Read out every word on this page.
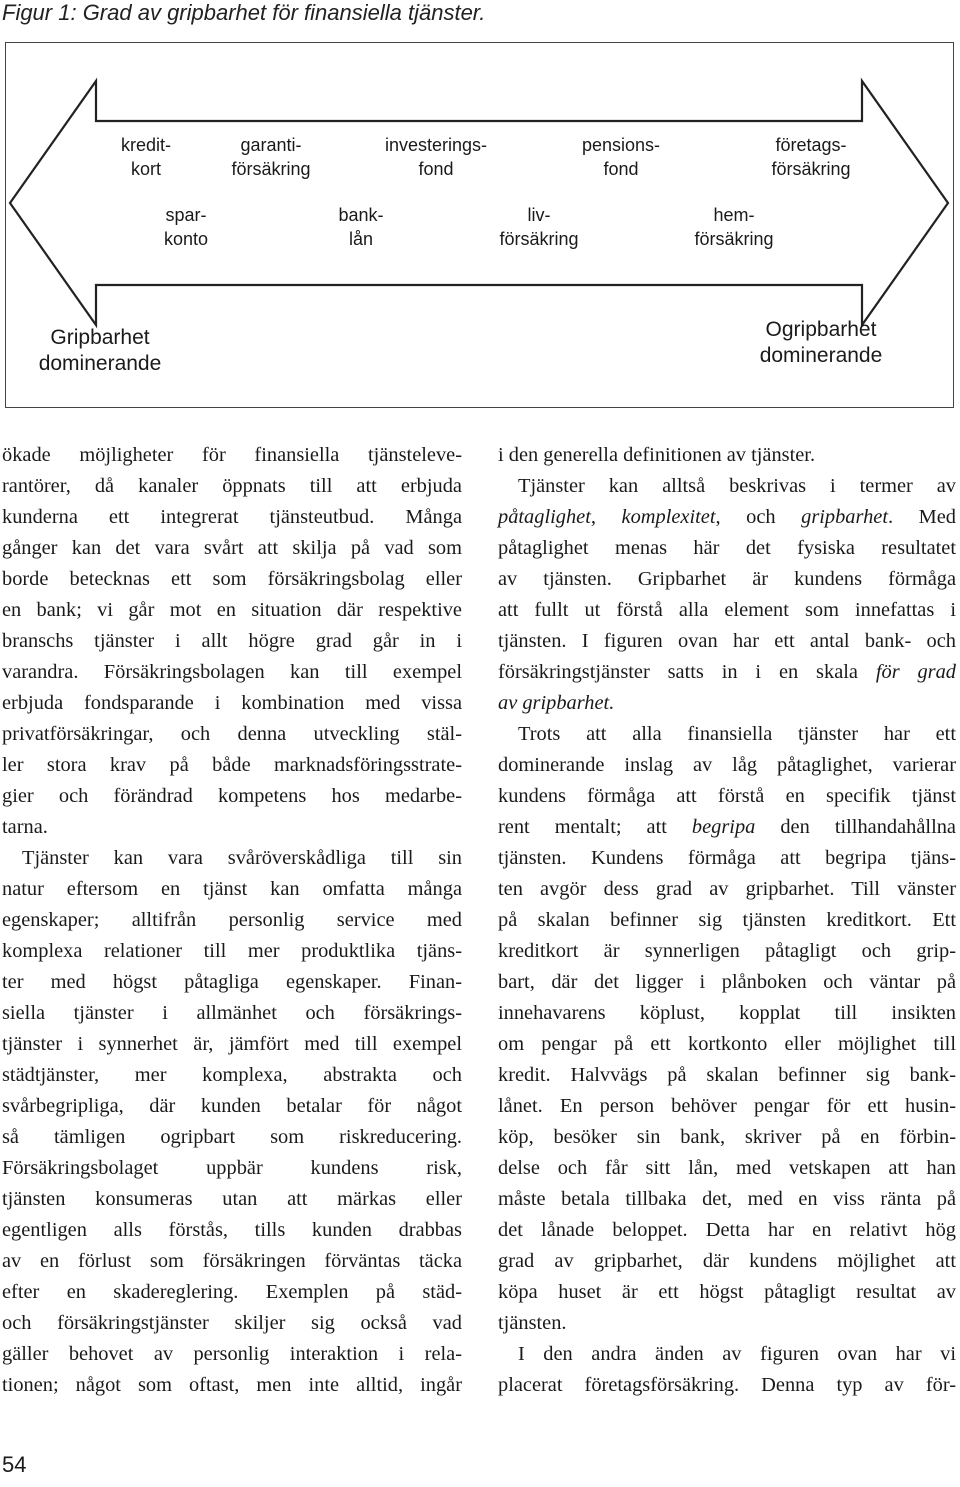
Figur 1: Grad av gripbarhet för finansiella tjänster.
kredit-
kort
garanti-
försäkring
investerings-
fond
pensions-
fond
företags-
försäkring
spar-
konto
bank-
lån
liv-
försäkring
hem-
försäkring
Gripbarhet
dominerande
Ogripbarhet
dominerande

ökade möjligheter för finansiella tjänsteleve-
rantörer, då kanaler öppnats till att erbjuda
kunderna ett integrerat tjänsteutbud. Många
gånger kan det vara svårt att skilja på vad som
borde betecknas ett som försäkringsbolag eller
en bank; vi går mot en situation där respektive
branschs tjänster i allt högre grad går in i
varandra. Försäkringsbolagen kan till exempel
erbjuda fondsparande i kombination med vissa
privatförsäkringar, och denna utveckling stäl-
ler stora krav på både marknadsföringsstrate-
gier och förändrad kompetens hos medarbe-
tarna.

Tjänster kan vara svåröverskådliga till sin
natur eftersom en tjänst kan omfatta många
egenskaper; alltifrån personlig service med
komplexa relationer till mer produktlika tjäns-
ter med högst påtagliga egenskaper. Finan-
siella tjänster i allmänhet och försäkrings-
tjänster i synnerhet är, jämfört med till exempel
städtjänster, mer komplexa, abstrakta och
svårbegripliga, där kunden betalar för något
så tämligen ogripbart som riskreducering.
Försäkringsbolaget uppbär kundens risk,
tjänsten konsumeras utan att märkas eller
egentligen alls förstås, tills kunden drabbas
av en förlust som försäkringen förväntas täcka
efter en skadereglering. Exemplen på städ-
och försäkringstjänster skiljer sig också vad
gäller behovet av personlig interaktion i rela-
tionen; något som oftast, men inte alltid, ingår

i den generella definitionen av tjänster.

Tjänster kan alltså beskrivas i termer av
påtaglighet, komplexitet, och gripbarhet. Med
påtaglighet menas här det fysiska resultatet
av tjänsten. Gripbarhet är kundens förmåga
att fullt ut förstå alla element som innefattas i
tjänsten. I figuren ovan har ett antal bank- och
försäkringstjänster satts in i en skala för grad
av gripbarhet.

Trots att alla finansiella tjänster har ett
dominerande inslag av låg påtaglighet, varierar
kundens förmåga att förstå en specifik tjänst
rent mentalt; att begripa den tillhandahållna
tjänsten. Kundens förmåga att begripa tjäns-
ten avgör dess grad av gripbarhet. Till vänster
på skalan befinner sig tjänsten kreditkort. Ett
kreditkort är synnerligen påtagligt och grip-
bart, där det ligger i plånboken och väntar på
innehavarens köplust, kopplat till insikten
om pengar på ett kortkonto eller möjlighet till
kredit. Halvvägs på skalan befinner sig bank-
lånet. En person behöver pengar för ett husin-
köp, besöker sin bank, skriver på en förbin-
delse och får sitt lån, med vetskapen att han
måste betala tillbaka det, med en viss ränta på
det lånade beloppet. Detta har en relativt hög
grad av gripbarhet, där kundens möjlighet att
köpa huset är ett högst påtagligt resultat av
tjänsten.

I den andra änden av figuren ovan har vi
placerat företagsförsäkring. Denna typ av för-

54
